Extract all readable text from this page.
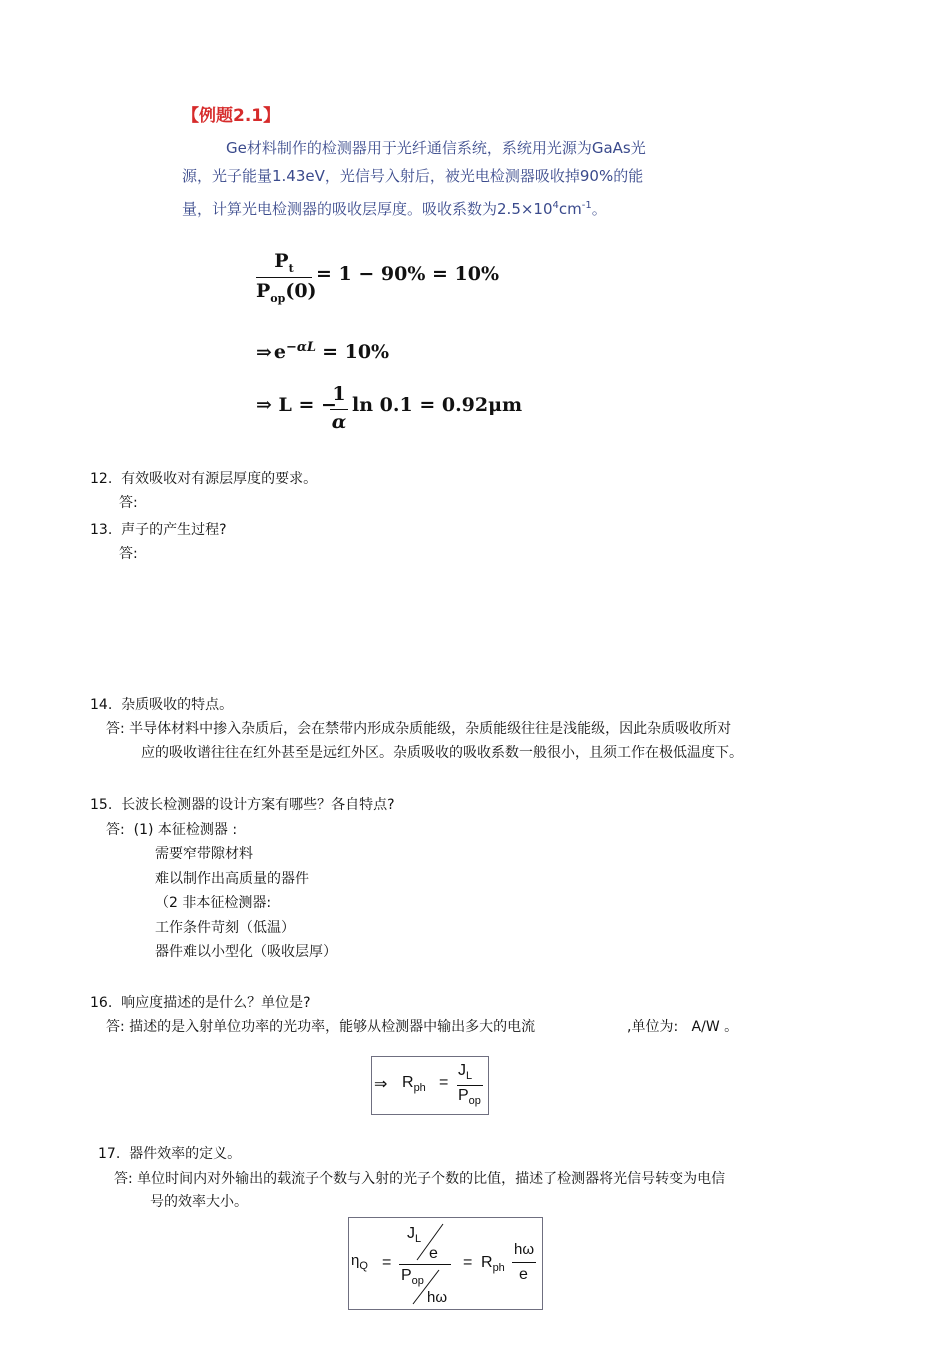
【例题2.1】
Ge材料制作的检测器用于光纤通信系统，系统用光源为GaAs光
源，光子能量1.43eV，光信号入射后，被光电检测器吸收掉90%的能
量，计算光电检测器的吸收层厚度。吸收系数为$2.5\times 10^4cm^{-1}$。
$P_t$
$P_{op}(0)$
= 1 − 90% = 10%
⇒ $e^{-\alpha L} = 10\%$
⇒ L = −
1
α
ln 0.1 = 0.92μm
12. 有效吸收对有源层厚度的要求。
答:
13. 声子的产生过程?
答:
14. 杂质吸收的特点。
答: 半导体材料中掺入杂质后，会在禁带内形成杂质能级，杂质能级往往是浅能级，因此杂质吸收所对
应的吸收谱往往在红外甚至是远红外区。杂质吸收的吸收系数一般很小，且须工作在极低温度下。
15. 长波长检测器的设计方案有哪些？各自特点?
答: (1) 本征检测器 :
需要窄带隙材料
难以制作出高质量的器件
（2 非本征检测器:
工作条件苛刻（低温）
器件难以小型化（吸收层厚）
16. 响应度描述的是什么？单位是?
答: 描述的是入射单位功率的光功率，能够从检测器中输出多大的电流	,单位为: A/W 。
⇒ $R_{ph}$ =
$J_L$
$P_{op}$
17. 器件效率的定义。
答: 单位时间内对外输出的载流子个数与入射的光子个数的比值，描述了检测器将光信号转变为电信
号的效率大小。
$\eta_Q$ =
$J_L$
e
$P_{op}$
hω
= $R_{ph}$
hω
e
